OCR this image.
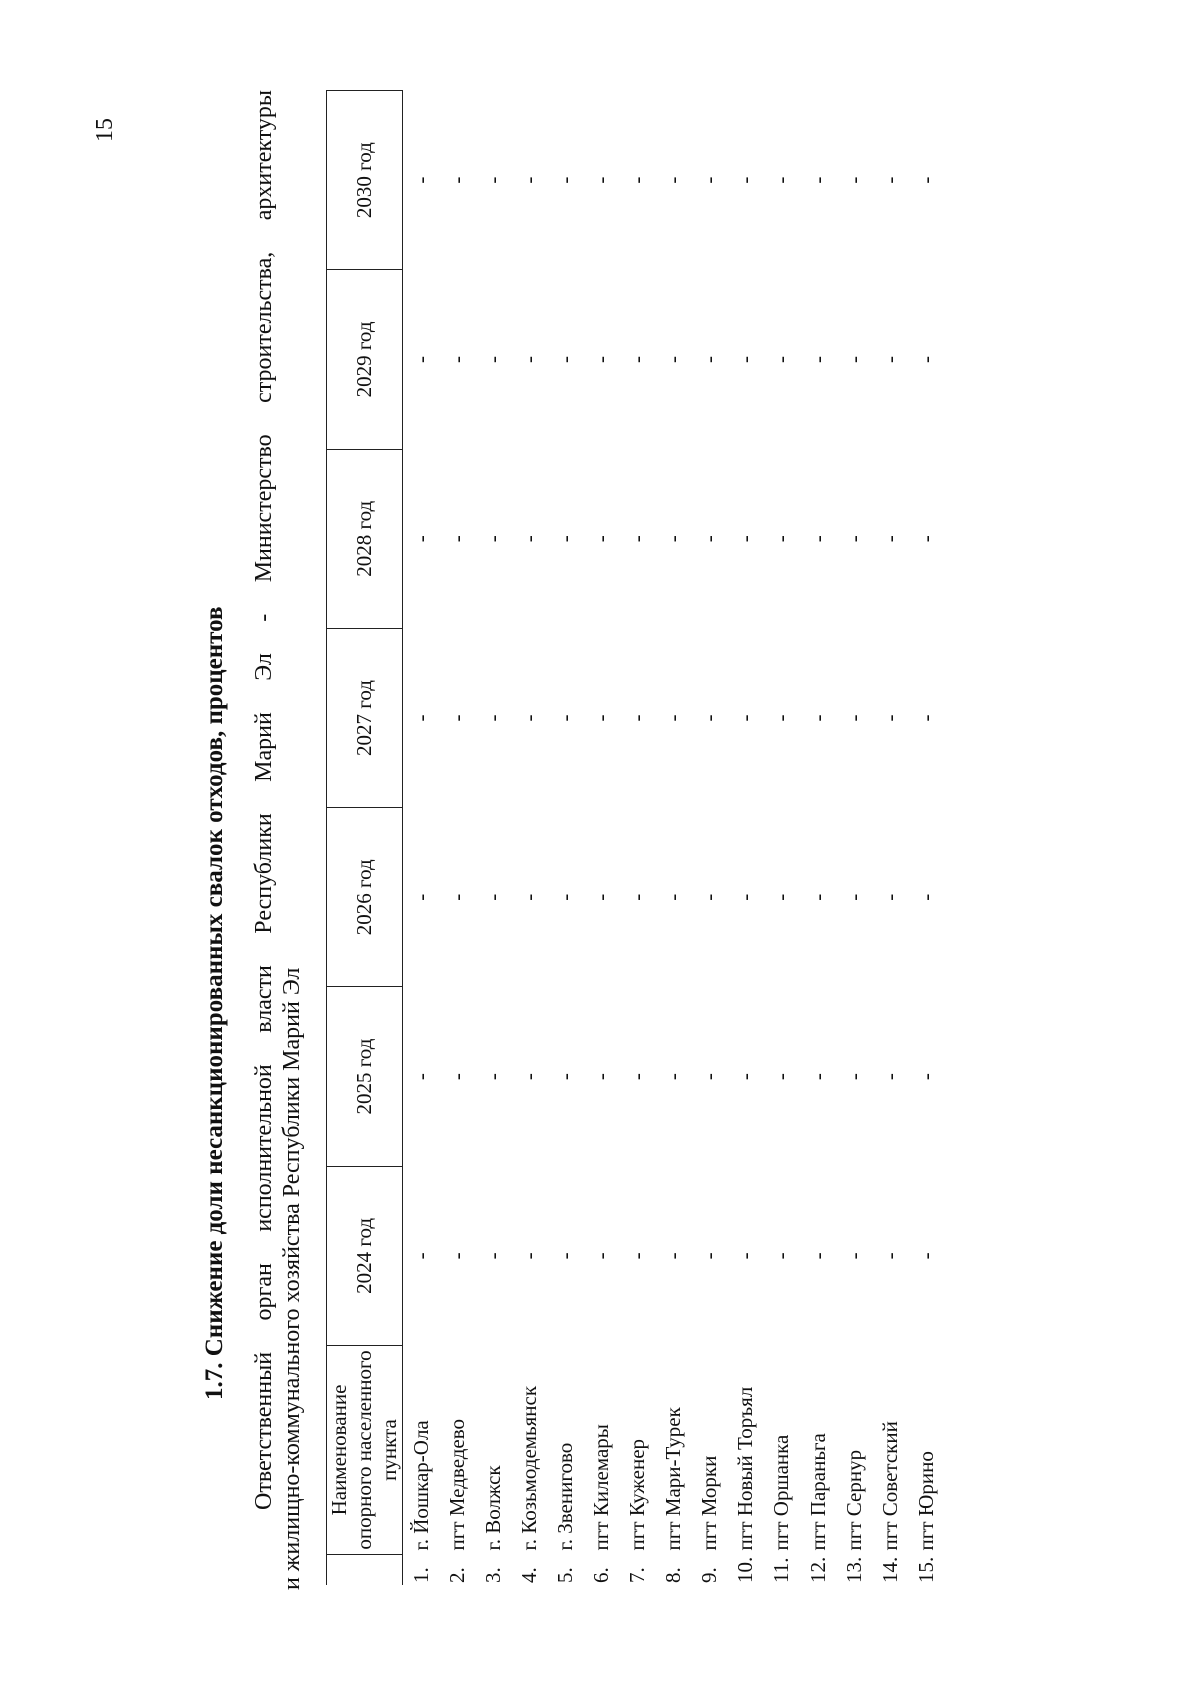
15
1.7. Снижение доли несанкционированных свалок отходов, процентов Ответственный орган исполнительной власти Республики Марий Эл - Министерство строительства, архитектуры и жилищно-коммунального хозяйства Республики Марий Эл
	Наименование опорного населенного пункта	2024 год	2025 год	2026 год	2027 год	2028 год	2029 год	2030 год
1.	г. Йошкар-Ола	-	-	-	-	-	-	-
2.	пгт Медведево	-	-	-	-	-	-	-
3.	г. Волжск	-	-	-	-	-	-	-
4.	г. Козьмодемьянск	-	-	-	-	-	-	-
5.	г. Звенигово	-	-	-	-	-	-	-
6.	пгт Килемары	-	-	-	-	-	-	-
7.	пгт Куженер	-	-	-	-	-	-	-
8.	пгт Мари-Турек	-	-	-	-	-	-	-
9.	пгт Морки	-	-	-	-	-	-	-
10.	пгт Новый Торъял	-	-	-	-	-	-	-
11.	пгт Оршанка	-	-	-	-	-	-	-
12.	пгт Параньга	-	-	-	-	-	-	-
13.	пгт Сернур	-	-	-	-	-	-	-
14.	пгт Советский	-	-	-	-	-	-	-
15.	пгт Юрино	-	-	-	-	-	-	-
